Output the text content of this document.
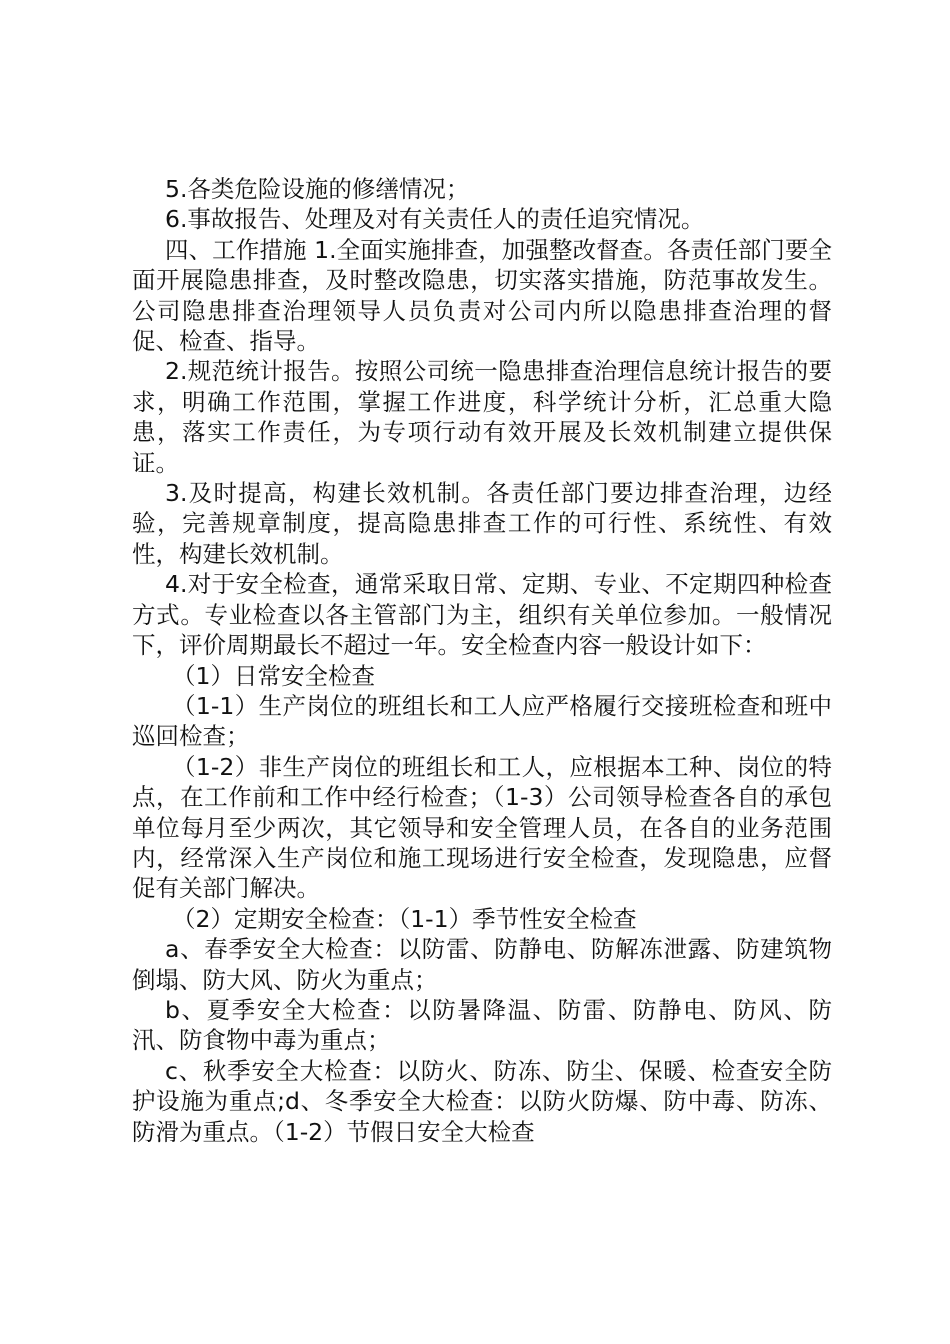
5.各类危险设施的修缮情况；

6.事故报告、处理及对有关责任人的责任追究情况。

四、工作措施 1.全面实施排查，加强整改督查。各责任部门要全面开展隐患排查，及时整改隐患，切实落实措施，防范事故发生。公司隐患排查治理领导人员负责对公司内所以隐患排查治理的督促、检查、指导。

2.规范统计报告。按照公司统一隐患排查治理信息统计报告的要求，明确工作范围，掌握工作进度，科学统计分析，汇总重大隐患，落实工作责任，为专项行动有效开展及长效机制建立提供保证。

3.及时提高，构建长效机制。各责任部门要边排查治理，边经验，完善规章制度，提高隐患排查工作的可行性、系统性、有效性，构建长效机制。

4.对于安全检查，通常采取日常、定期、专业、不定期四种检查方式。专业检查以各主管部门为主，组织有关单位参加。一般情况下，评价周期最长不超过一年。安全检查内容一般设计如下：

（1）日常安全检查

（1-1）生产岗位的班组长和工人应严格履行交接班检查和班中巡回检查；

（1-2）非生产岗位的班组长和工人，应根据本工种、岗位的特点，在工作前和工作中经行检查；（1-3）公司领导检查各自的承包单位每月至少两次，其它领导和安全管理人员，在各自的业务范围内，经常深入生产岗位和施工现场进行安全检查，发现隐患，应督促有关部门解决。

（2）定期安全检查：（1-1）季节性安全检查

a、春季安全大检查：以防雷、防静电、防解冻泄露、防建筑物倒塌、防大风、防火为重点；

b、夏季安全大检查：以防暑降温、防雷、防静电、防风、防汛、防食物中毒为重点；

c、秋季安全大检查：以防火、防冻、防尘、保暖、检查安全防护设施为重点;d、冬季安全大检查：以防火防爆、防中毒、防冻、防滑为重点。（1-2）节假日安全大检查
